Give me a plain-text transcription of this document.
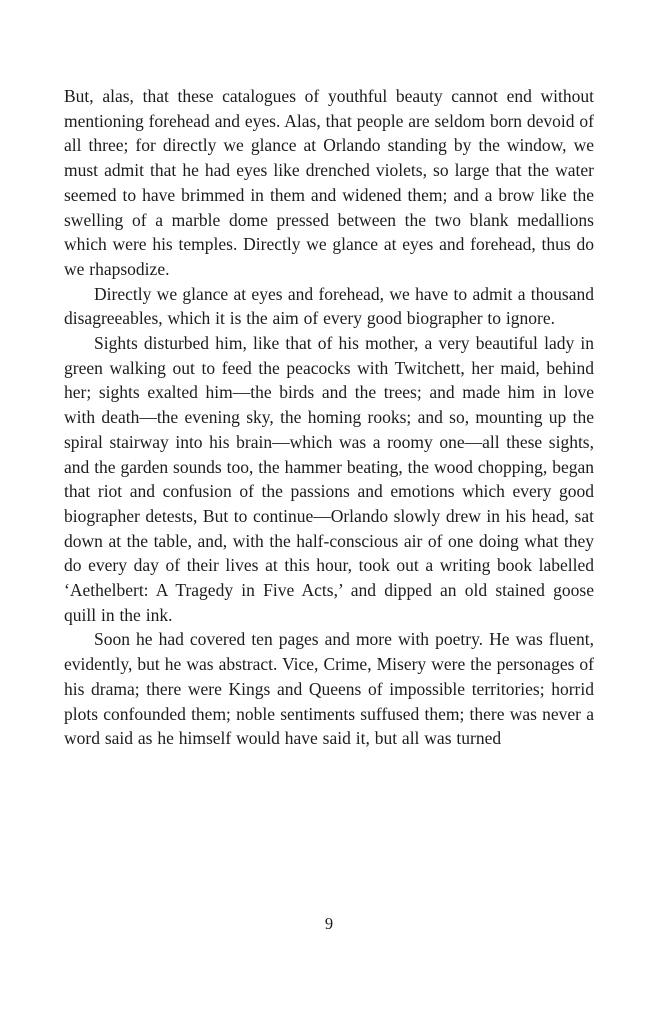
But, alas, that these catalogues of youthful beauty cannot end without mentioning forehead and eyes. Alas, that people are seldom born devoid of all three; for directly we glance at Orlando standing by the window, we must admit that he had eyes like drenched violets, so large that the water seemed to have brimmed in them and widened them; and a brow like the swelling of a marble dome pressed between the two blank medallions which were his temples. Directly we glance at eyes and forehead, thus do we rhapsodize.

Directly we glance at eyes and forehead, we have to admit a thousand disagreeables, which it is the aim of every good biographer to ignore.

Sights disturbed him, like that of his mother, a very beautiful lady in green walking out to feed the peacocks with Twitchett, her maid, behind her; sights exalted him—the birds and the trees; and made him in love with death—the evening sky, the homing rooks; and so, mounting up the spiral stairway into his brain—which was a roomy one—all these sights, and the garden sounds too, the hammer beating, the wood chopping, began that riot and confusion of the passions and emotions which every good biographer detests, But to continue—Orlando slowly drew in his head, sat down at the table, and, with the half-conscious air of one doing what they do every day of their lives at this hour, took out a writing book labelled ‘Aethelbert: A Tragedy in Five Acts,’ and dipped an old stained goose quill in the ink.

Soon he had covered ten pages and more with poetry. He was fluent, evidently, but he was abstract. Vice, Crime, Misery were the personages of his drama; there were Kings and Queens of impossible territories; horrid plots confounded them; noble sentiments suffused them; there was never a word said as he himself would have said it, but all was turned

9
